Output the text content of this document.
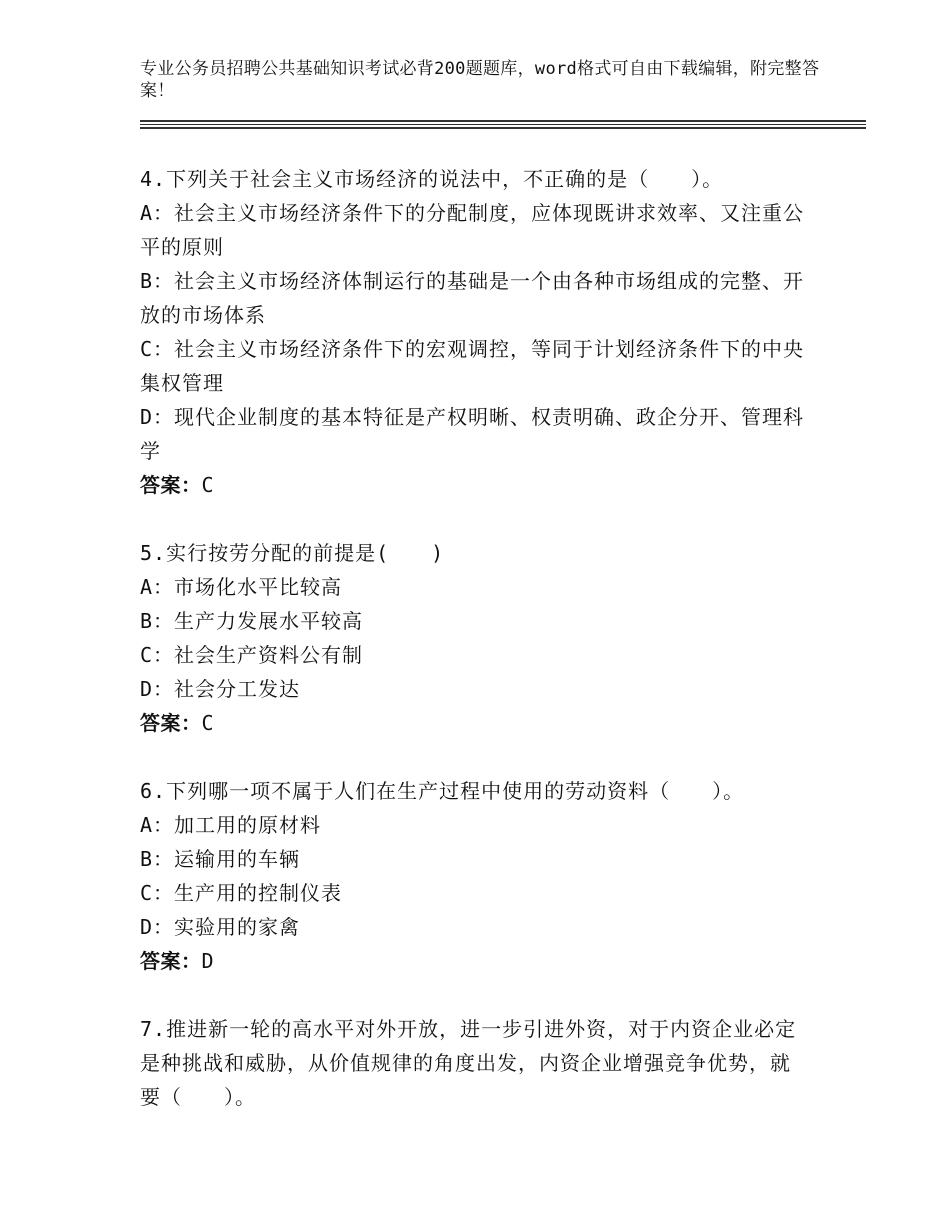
专业公务员招聘公共基础知识考试必背200题题库，word格式可自由下载编辑，附完整答案！
4.下列关于社会主义市场经济的说法中，不正确的是（　　）。
A：社会主义市场经济条件下的分配制度，应体现既讲求效率、又注重公平的原则
B：社会主义市场经济体制运行的基础是一个由各种市场组成的完整、开放的市场体系
C：社会主义市场经济条件下的宏观调控，等同于计划经济条件下的中央集权管理
D：现代企业制度的基本特征是产权明晰、权责明确、政企分开、管理科学
答案：C
5.实行按劳分配的前提是(　　)
A：市场化水平比较高
B：生产力发展水平较高
C：社会生产资料公有制
D：社会分工发达
答案：C
6.下列哪一项不属于人们在生产过程中使用的劳动资料（　　）。
A：加工用的原材料
B：运输用的车辆
C：生产用的控制仪表
D：实验用的家禽
答案：D
7.推进新一轮的高水平对外开放，进一步引进外资，对于内资企业必定是种挑战和威胁，从价值规律的角度出发，内资企业增强竞争优势，就要（　　）。
